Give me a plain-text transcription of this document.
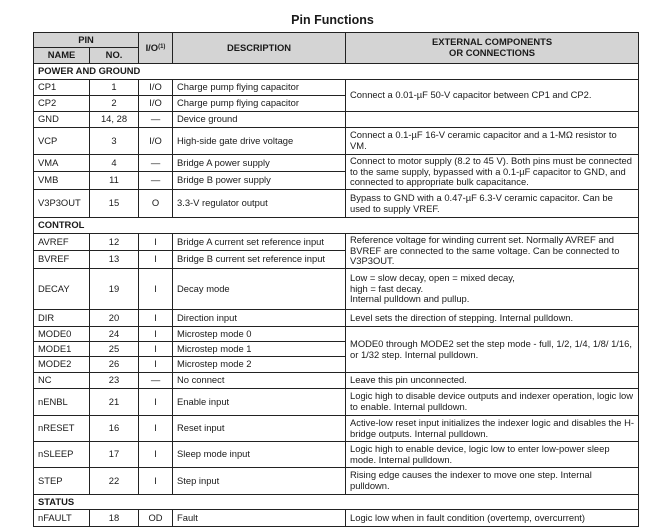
Pin Functions
PIN		$I/O^{(1)}$	DESCRIPTION	EXTERNAL COMPONENTS
OR CONNECTIONS
NAME	NO.			
POWER AND GROUND				
CP1	1	I/O	Charge pump flying capacitor	Connect a 0.01-µF 50-V capacitor between CP1 and CP2.
CP2	2	I/O	Charge pump flying capacitor	
GND	14, 28	—	Device ground	
VCP	3	I/O	High-side gate drive voltage	Connect a 0.1-µF 16-V ceramic capacitor and a 1-MΩ resistor to VM.
VMA	4	—	Bridge A power supply	Connect to motor supply (8.2 to 45 V). Both pins must be connected to the same supply, bypassed with a 0.1-µF capacitor to GND, and connected to appropriate bulk capacitance.
VMB	11	—	Bridge B power supply	
V3P3OUT	15	O	3.3-V regulator output	Bypass to GND with a 0.47-µF 6.3-V ceramic capacitor. Can be used to supply VREF.
CONTROL				
AVREF	12	I	Bridge A current set reference input	Reference voltage for winding current set. Normally AVREF and BVREF are connected to the same voltage. Can be connected to V3P3OUT.
BVREF	13	I	Bridge B current set reference input	
DECAY	19	I	Decay mode	Low = slow decay, open = mixed decay,
high = fast decay.
Internal pulldown and pullup.
DIR	20	I	Direction input	Level sets the direction of stepping. Internal pulldown.
MODE0	24	I	Microstep mode 0	MODE0 through MODE2 set the step mode - full, 1/2, 1/4, 1/8/ 1/16, or 1/32 step. Internal pulldown.
MODE1	25	I	Microstep mode 1	
MODE2	26	I	Microstep mode 2	
NC	23	—	No connect	Leave this pin unconnected.
nENBL	21	I	Enable input	Logic high to disable device outputs and indexer operation, logic low to enable. Internal pulldown.
nRESET	16	I	Reset input	Active-low reset input initializes the indexer logic and disables the H-bridge outputs. Internal pulldown.
nSLEEP	17	I	Sleep mode input	Logic high to enable device, logic low to enter low-power sleep mode. Internal pulldown.
STEP	22	I	Step input	Rising edge causes the indexer to move one step. Internal pulldown.
STATUS				
nFAULT	18	OD	Fault	Logic low when in fault condition (overtemp, overcurrent)
